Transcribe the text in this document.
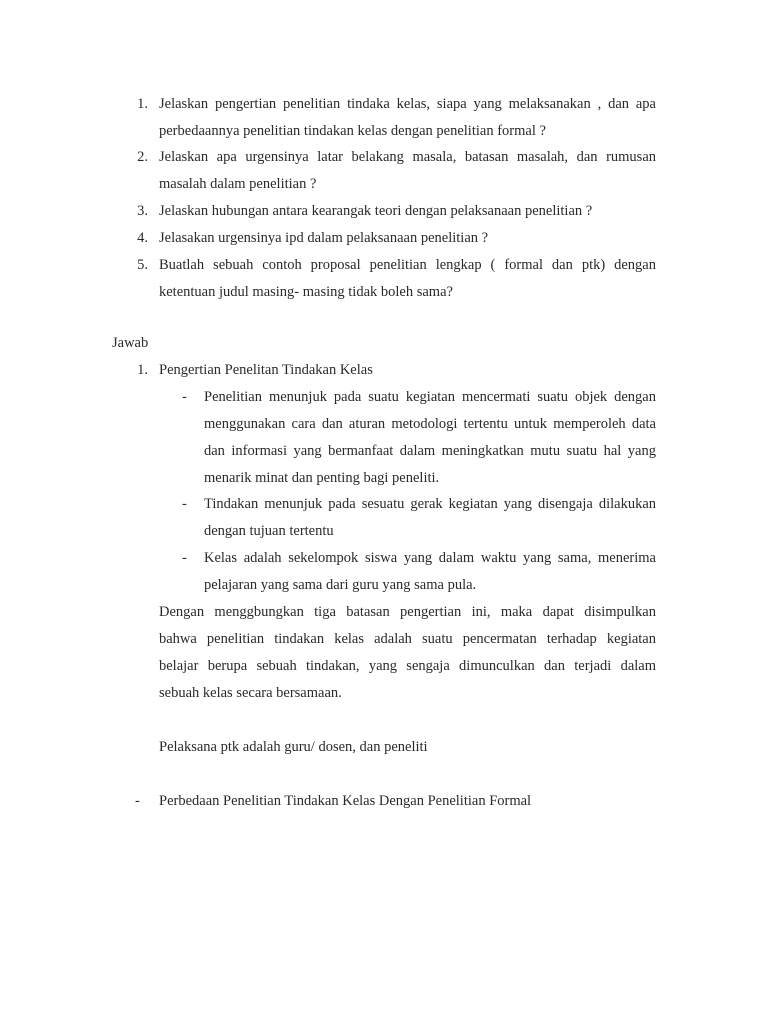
1. Jelaskan pengertian penelitian tindaka kelas, siapa yang melaksanakan , dan apa
perbedaannya penelitian tindakan kelas dengan penelitian formal ?
2. Jelaskan apa urgensinya latar belakang masala, batasan masalah, dan rumusan
masalah dalam penelitian ?
3. Jelaskan hubungan antara kearangak teori dengan pelaksanaan penelitian ?
4. Jelasakan urgensinya ipd dalam pelaksanaan penelitian ?
5. Buatlah sebuah contoh proposal penelitian lengkap ( formal dan ptk) dengan
ketentuan judul masing- masing tidak boleh sama?
Jawab
1. Pengertian Penelitan Tindakan Kelas
- Penelitian menunjuk pada suatu kegiatan mencermati suatu objek dengan
menggunakan cara dan aturan metodologi tertentu untuk memperoleh data
dan informasi yang bermanfaat dalam meningkatkan mutu suatu hal yang
menarik minat dan penting bagi peneliti.
- Tindakan menunjuk pada sesuatu gerak kegiatan yang disengaja dilakukan
dengan tujuan tertentu
- Kelas adalah sekelompok siswa yang dalam waktu yang sama, menerima
pelajaran yang sama dari guru yang sama pula.
Dengan menggbungkan tiga batasan pengertian ini, maka dapat disimpulkan
bahwa penelitian tindakan kelas adalah suatu pencermatan terhadap kegiatan
belajar berupa sebuah tindakan, yang sengaja dimunculkan dan terjadi dalam
sebuah kelas secara bersamaan.
Pelaksana ptk adalah guru/ dosen, dan peneliti
- Perbedaan Penelitian Tindakan Kelas Dengan Penelitian Formal
